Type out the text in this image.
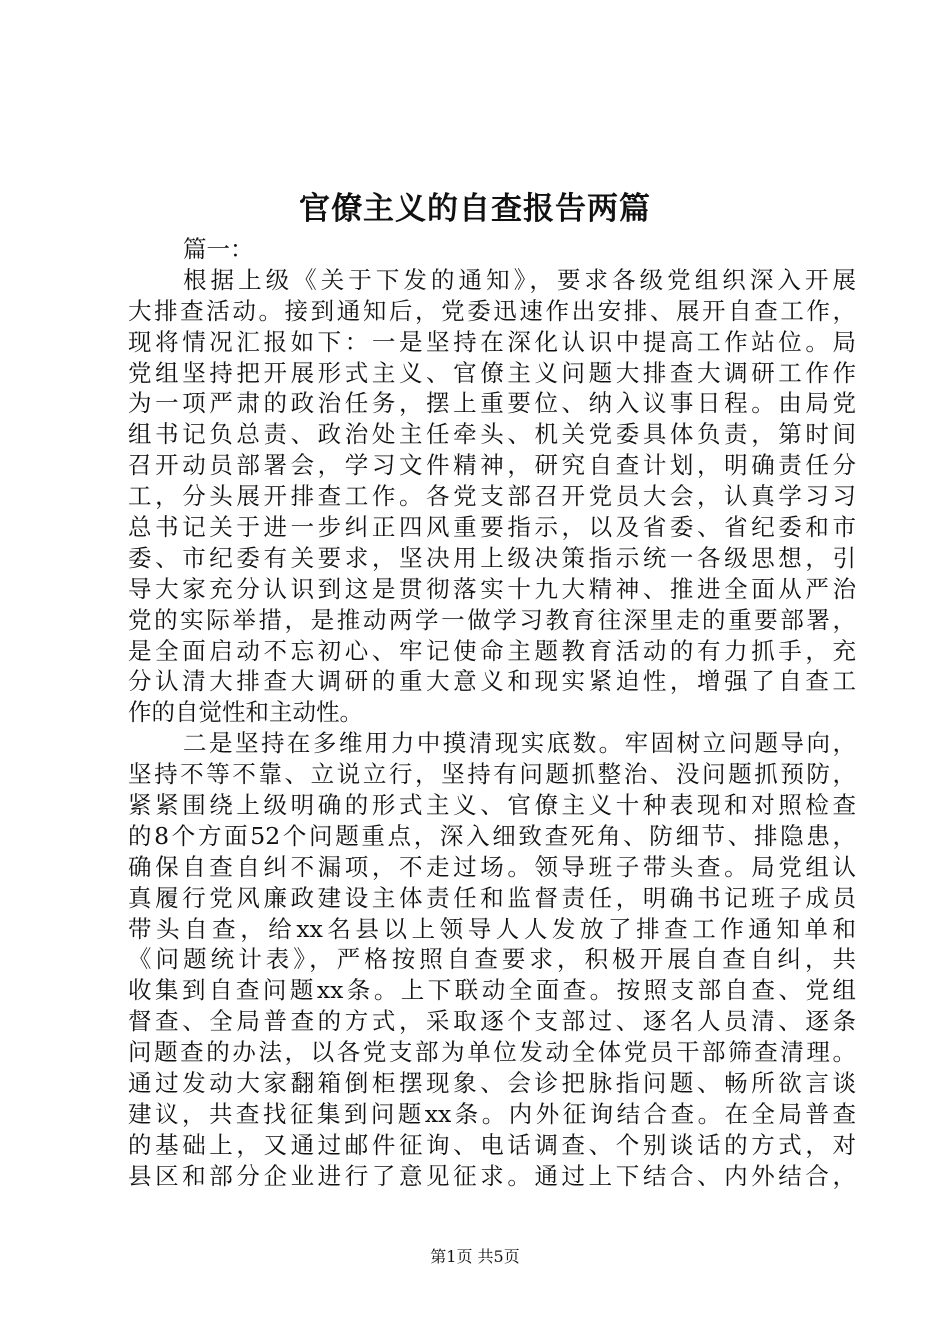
官僚主义的自查报告两篇
篇一：
根据上级《关于下发的通知》，要求各级党组织深入开展
大排查活动。接到通知后，党委迅速作出安排、展开自查工作，
现将情况汇报如下：一是坚持在深化认识中提高工作站位。局
党组坚持把开展形式主义、官僚主义问题大排查大调研工作作
为一项严肃的政治任务，摆上重要位、纳入议事日程。由局党
组书记负总责、政治处主任牵头、机关党委具体负责，第时间
召开动员部署会，学习文件精神，研究自查计划，明确责任分
工，分头展开排查工作。各党支部召开党员大会，认真学习习
总书记关于进一步纠正四风重要指示，以及省委、省纪委和市
委、市纪委有关要求，坚决用上级决策指示统一各级思想，引
导大家充分认识到这是贯彻落实十九大精神、推进全面从严治
党的实际举措，是推动两学一做学习教育往深里走的重要部署，
是全面启动不忘初心、牢记使命主题教育活动的有力抓手，充
分认清大排查大调研的重大意义和现实紧迫性，增强了自查工
作的自觉性和主动性。
二是坚持在多维用力中摸清现实底数。牢固树立问题导向，
坚持不等不靠、立说立行，坚持有问题抓整治、没问题抓预防，
紧紧围绕上级明确的形式主义、官僚主义十种表现和对照检查
的8个方面52个问题重点，深入细致查死角、防细节、排隐患，
确保自查自纠不漏项，不走过场。领导班子带头查。局党组认
真履行党风廉政建设主体责任和监督责任，明确书记班子成员
带头自查，给xx名县以上领导人人发放了排查工作通知单和
《问题统计表》，严格按照自查要求，积极开展自查自纠，共
收集到自查问题xx条。上下联动全面查。按照支部自查、党组
督查、全局普查的方式，采取逐个支部过、逐名人员清、逐条
问题查的办法，以各党支部为单位发动全体党员干部筛查清理。
通过发动大家翻箱倒柜摆现象、会诊把脉指问题、畅所欲言谈
建议，共查找征集到问题xx条。内外征询结合查。在全局普查
的基础上，又通过邮件征询、电话调查、个别谈话的方式，对
县区和部分企业进行了意见征求。通过上下结合、内外结合，
第1页 共5页
